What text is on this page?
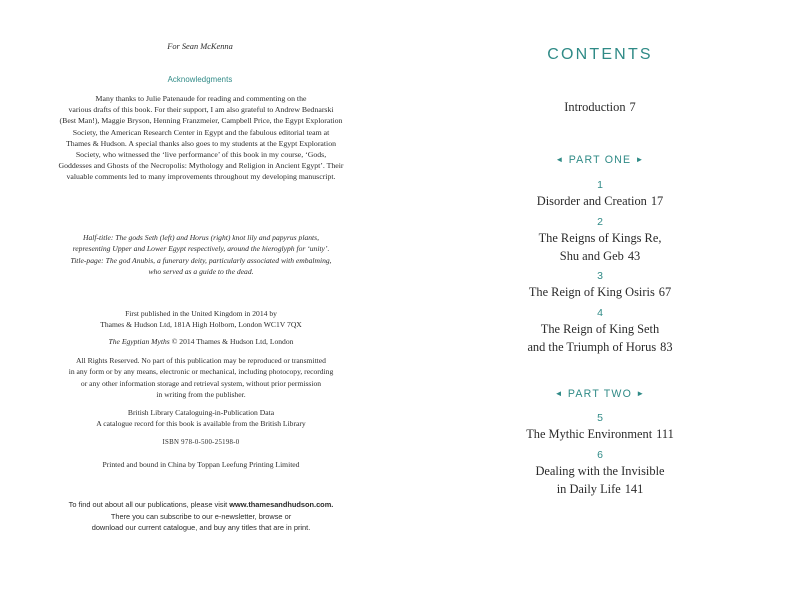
For Sean McKenna
Acknowledgments
Many thanks to Julie Patenaude for reading and commenting on the
various drafts of this book. For their support, I am also grateful to Andrew Bednarski
(Best Man!), Maggie Bryson, Henning Franzmeier, Campbell Price, the Egypt Exploration
Society, the American Research Center in Egypt and the fabulous editorial team at
Thames & Hudson. A special thanks also goes to my students at the Egypt Exploration
Society, who witnessed the ‘live performance’ of this book in my course, ‘Gods,
Goddesses and Ghosts of the Necropolis: Mythology and Religion in Ancient Egypt’. Their
valuable comments led to many improvements throughout my developing manuscript.
Half-title: The gods Seth (left) and Horus (right) knot lily and papyrus plants,
representing Upper and Lower Egypt respectively, around the hieroglyph for ‘unity’.
Title-page: The god Anubis, a funerary deity, particularly associated with embalming,
who served as a guide to the dead.
First published in the United Kingdom in 2014 by
Thames & Hudson Ltd, 181A High Holborn, London WC1V 7QX
The Egyptian Myths © 2014 Thames & Hudson Ltd, London
All Rights Reserved. No part of this publication may be reproduced or transmitted
in any form or by any means, electronic or mechanical, including photocopy, recording
or any other information storage and retrieval system, without prior permission
in writing from the publisher.
British Library Cataloguing-in-Publication Data
A catalogue record for this book is available from the British Library
ISBN 978-0-500-25198-0
Printed and bound in China by Toppan Leefung Printing Limited
To find out about all our publications, please visit www.thamesandhudson.com.
There you can subscribe to our e-newsletter, browse or
download our current catalogue, and buy any titles that are in print.
CONTENTS
Introduction 7
◄ PART ONE ►
1
Disorder and Creation 17
2
The Reigns of Kings Re,
Shu and Geb 43
3
The Reign of King Osiris 67
4
The Reign of King Seth
and the Triumph of Horus 83
◄ PART TWO ►
5
The Mythic Environment 111
6
Dealing with the Invisible
in Daily Life 141
